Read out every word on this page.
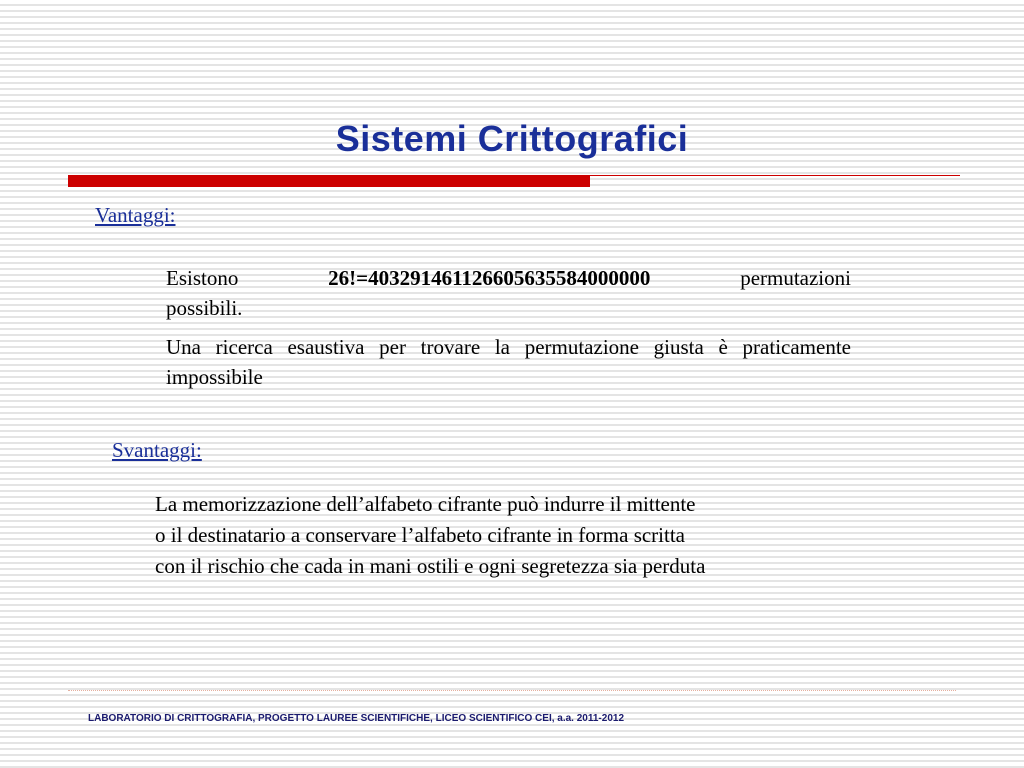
Sistemi Crittografici
Vantaggi:
Esistono	26!=403291461126605635584000000	permutazioni
possibili.
Una ricerca esaustiva per trovare la permutazione giusta è praticamente impossibile
Svantaggi:
La memorizzazione dell’alfabeto cifrante può indurre il mittente
o il destinatario a conservare l’alfabeto cifrante in forma scritta
con il rischio che cada in mani ostili e ogni segretezza sia perduta
LABORATORIO DI CRITTOGRAFIA, PROGETTO LAUREE SCIENTIFICHE, LICEO SCIENTIFICO CEI, a.a. 2011-2012
